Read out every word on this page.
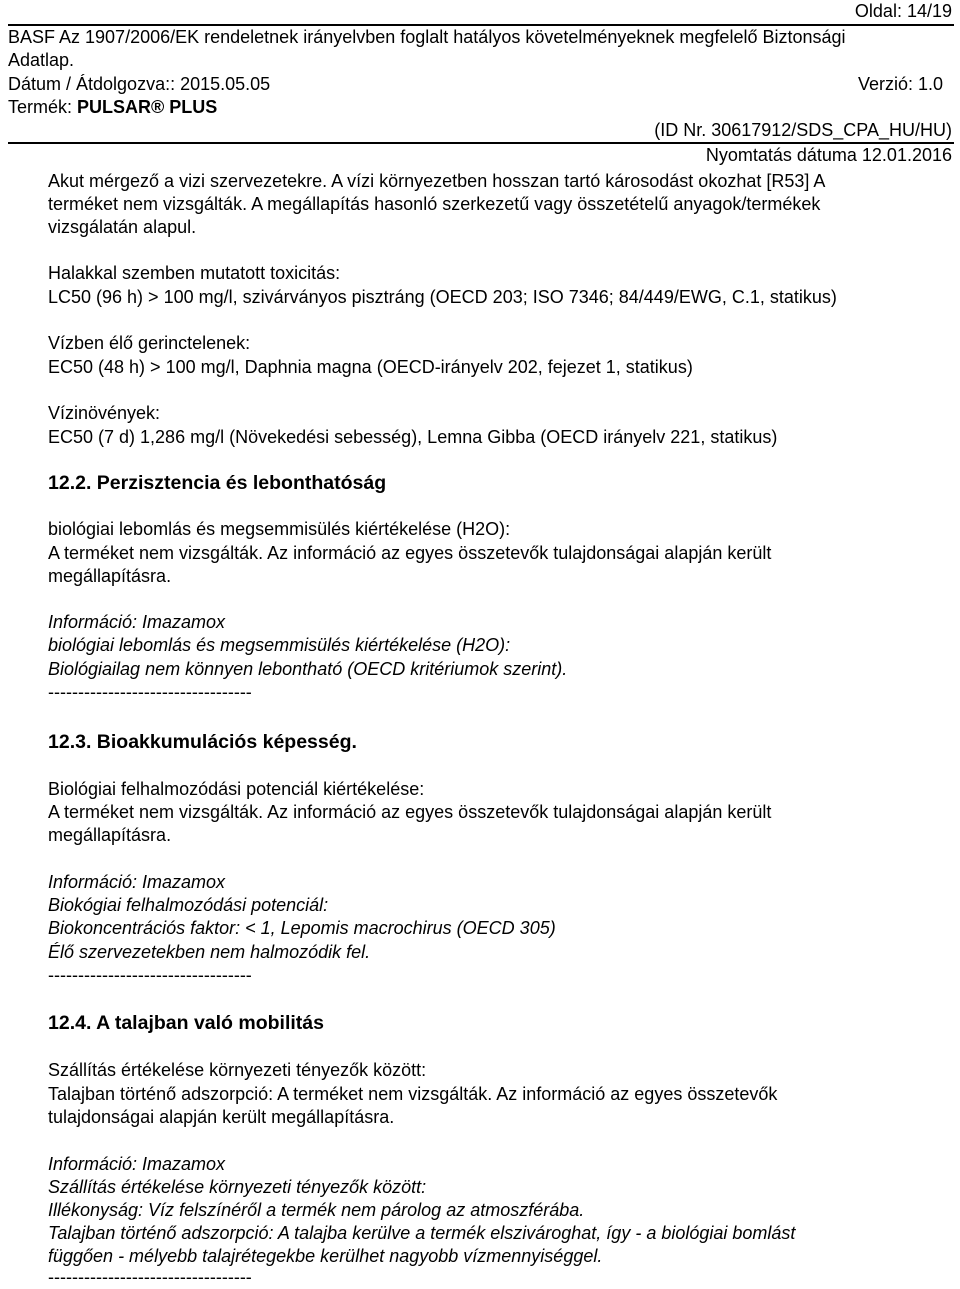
Oldal: 14/19
BASF Az 1907/2006/EK rendeletnek irányelvben foglalt hatályos követelményeknek megfelelő Biztonsági
Adatlap.
Dátum / Átdolgozva:: 2015.05.05	Verzió: 1.0
Termék: PULSAR® PLUS
(ID Nr. 30617912/SDS_CPA_HU/HU)
Nyomtatás dátuma 12.01.2016
Akut mérgező a vizi szervezetekre. A vízi környezetben hosszan tartó károsodást okozhat [R53] A
terméket nem vizsgálták. A megállapítás hasonló szerkezetű vagy összetételű anyagok/termékek
vizsgálatán alapul.
Halakkal szemben mutatott toxicitás:
LC50 (96 h) > 100 mg/l, szivárványos pisztráng (OECD 203; ISO 7346; 84/449/EWG, C.1, statikus)
Vízben élő gerinctelenek:
EC50 (48 h) > 100 mg/l, Daphnia magna (OECD-irányelv 202, fejezet 1, statikus)
Vízinövények:
EC50 (7 d) 1,286 mg/l (Növekedési sebesség), Lemna Gibba (OECD irányelv 221, statikus)
12.2. Perzisztencia és lebonthatóság
biológiai lebomlás és megsemmisülés kiértékelése (H2O):
A terméket nem vizsgálták. Az információ az egyes összetevők tulajdonságai alapján került
megállapításra.
Információ: Imazamox
biológiai lebomlás és megsemmisülés kiértékelése (H2O):
Biológiailag nem könnyen lebontható (OECD kritériumok szerint).
----------------------------------
12.3. Bioakkumulációs képesség.
Biológiai felhalmozódási potenciál kiértékelése:
A terméket nem vizsgálták. Az információ az egyes összetevők tulajdonságai alapján került
megállapításra.
Információ: Imazamox
Biokógiai felhalmozódási potenciál:
Biokoncentrációs faktor: < 1, Lepomis macrochirus (OECD 305)
Élő szervezetekben nem halmozódik fel.
----------------------------------
12.4. A talajban való mobilitás
Szállítás értékelése környezeti tényezők között:
Talajban történő adszorpció: A terméket nem vizsgálták. Az információ az egyes összetevők
tulajdonságai alapján került megállapításra.
Információ: Imazamox
Szállítás értékelése környezeti tényezők között:
Illékonyság: Víz felszínéről a termék nem párolog az atmoszférába.
Talajban történő adszorpció: A talajba kerülve a termék elszivároghat, így - a biológiai bomlást
függően - mélyebb talajrétegekbe kerülhet nagyobb vízmennyiséggel.
----------------------------------
